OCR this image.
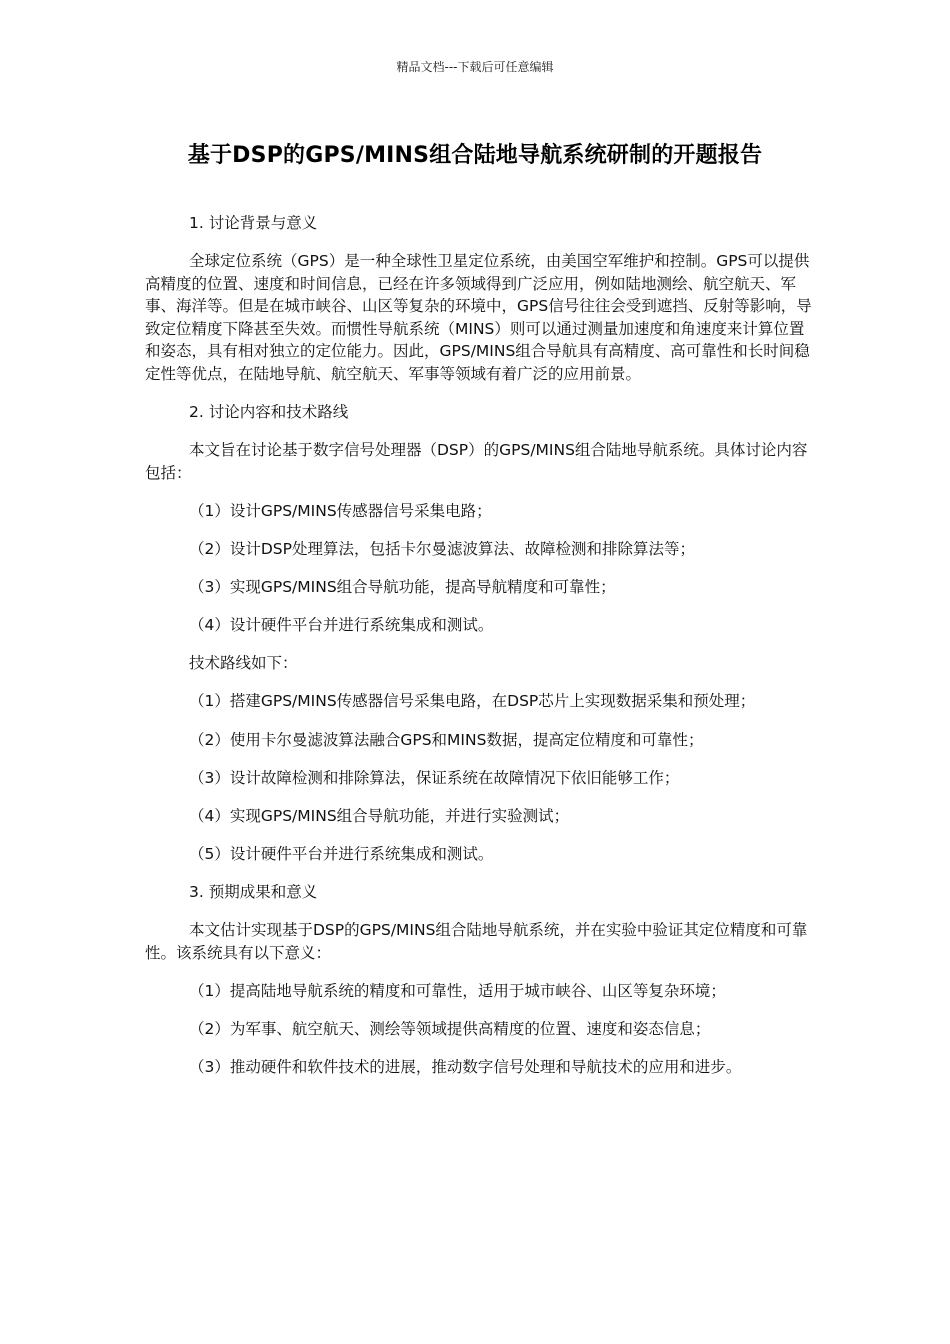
精品文档---下载后可任意编辑
基于DSP的GPS/MINS组合陆地导航系统研制的开题报告

1. 讨论背景与意义

全球定位系统（GPS）是一种全球性卫星定位系统，由美国空军维护和控制。GPS可以提供高精度的位置、速度和时间信息，已经在许多领域得到广泛应用，例如陆地测绘、航空航天、军事、海洋等。但是在城市峡谷、山区等复杂的环境中，GPS信号往往会受到遮挡、反射等影响，导致定位精度下降甚至失效。而惯性导航系统（MINS）则可以通过测量加速度和角速度来计算位置和姿态，具有相对独立的定位能力。因此，GPS/MINS组合导航具有高精度、高可靠性和长时间稳定性等优点，在陆地导航、航空航天、军事等领域有着广泛的应用前景。

2. 讨论内容和技术路线

本文旨在讨论基于数字信号处理器（DSP）的GPS/MINS组合陆地导航系统。具体讨论内容包括：

（1）设计GPS/MINS传感器信号采集电路；

（2）设计DSP处理算法，包括卡尔曼滤波算法、故障检测和排除算法等；

（3）实现GPS/MINS组合导航功能，提高导航精度和可靠性；

（4）设计硬件平台并进行系统集成和测试。

技术路线如下：

（1）搭建GPS/MINS传感器信号采集电路，在DSP芯片上实现数据采集和预处理；

（2）使用卡尔曼滤波算法融合GPS和MINS数据，提高定位精度和可靠性；

（3）设计故障检测和排除算法，保证系统在故障情况下依旧能够工作；

（4）实现GPS/MINS组合导航功能，并进行实验测试；

（5）设计硬件平台并进行系统集成和测试。

3. 预期成果和意义

本文估计实现基于DSP的GPS/MINS组合陆地导航系统，并在实验中验证其定位精度和可靠性。该系统具有以下意义：

（1）提高陆地导航系统的精度和可靠性，适用于城市峡谷、山区等复杂环境；

（2）为军事、航空航天、测绘等领域提供高精度的位置、速度和姿态信息；

（3）推动硬件和软件技术的进展，推动数字信号处理和导航技术的应用和进步。
